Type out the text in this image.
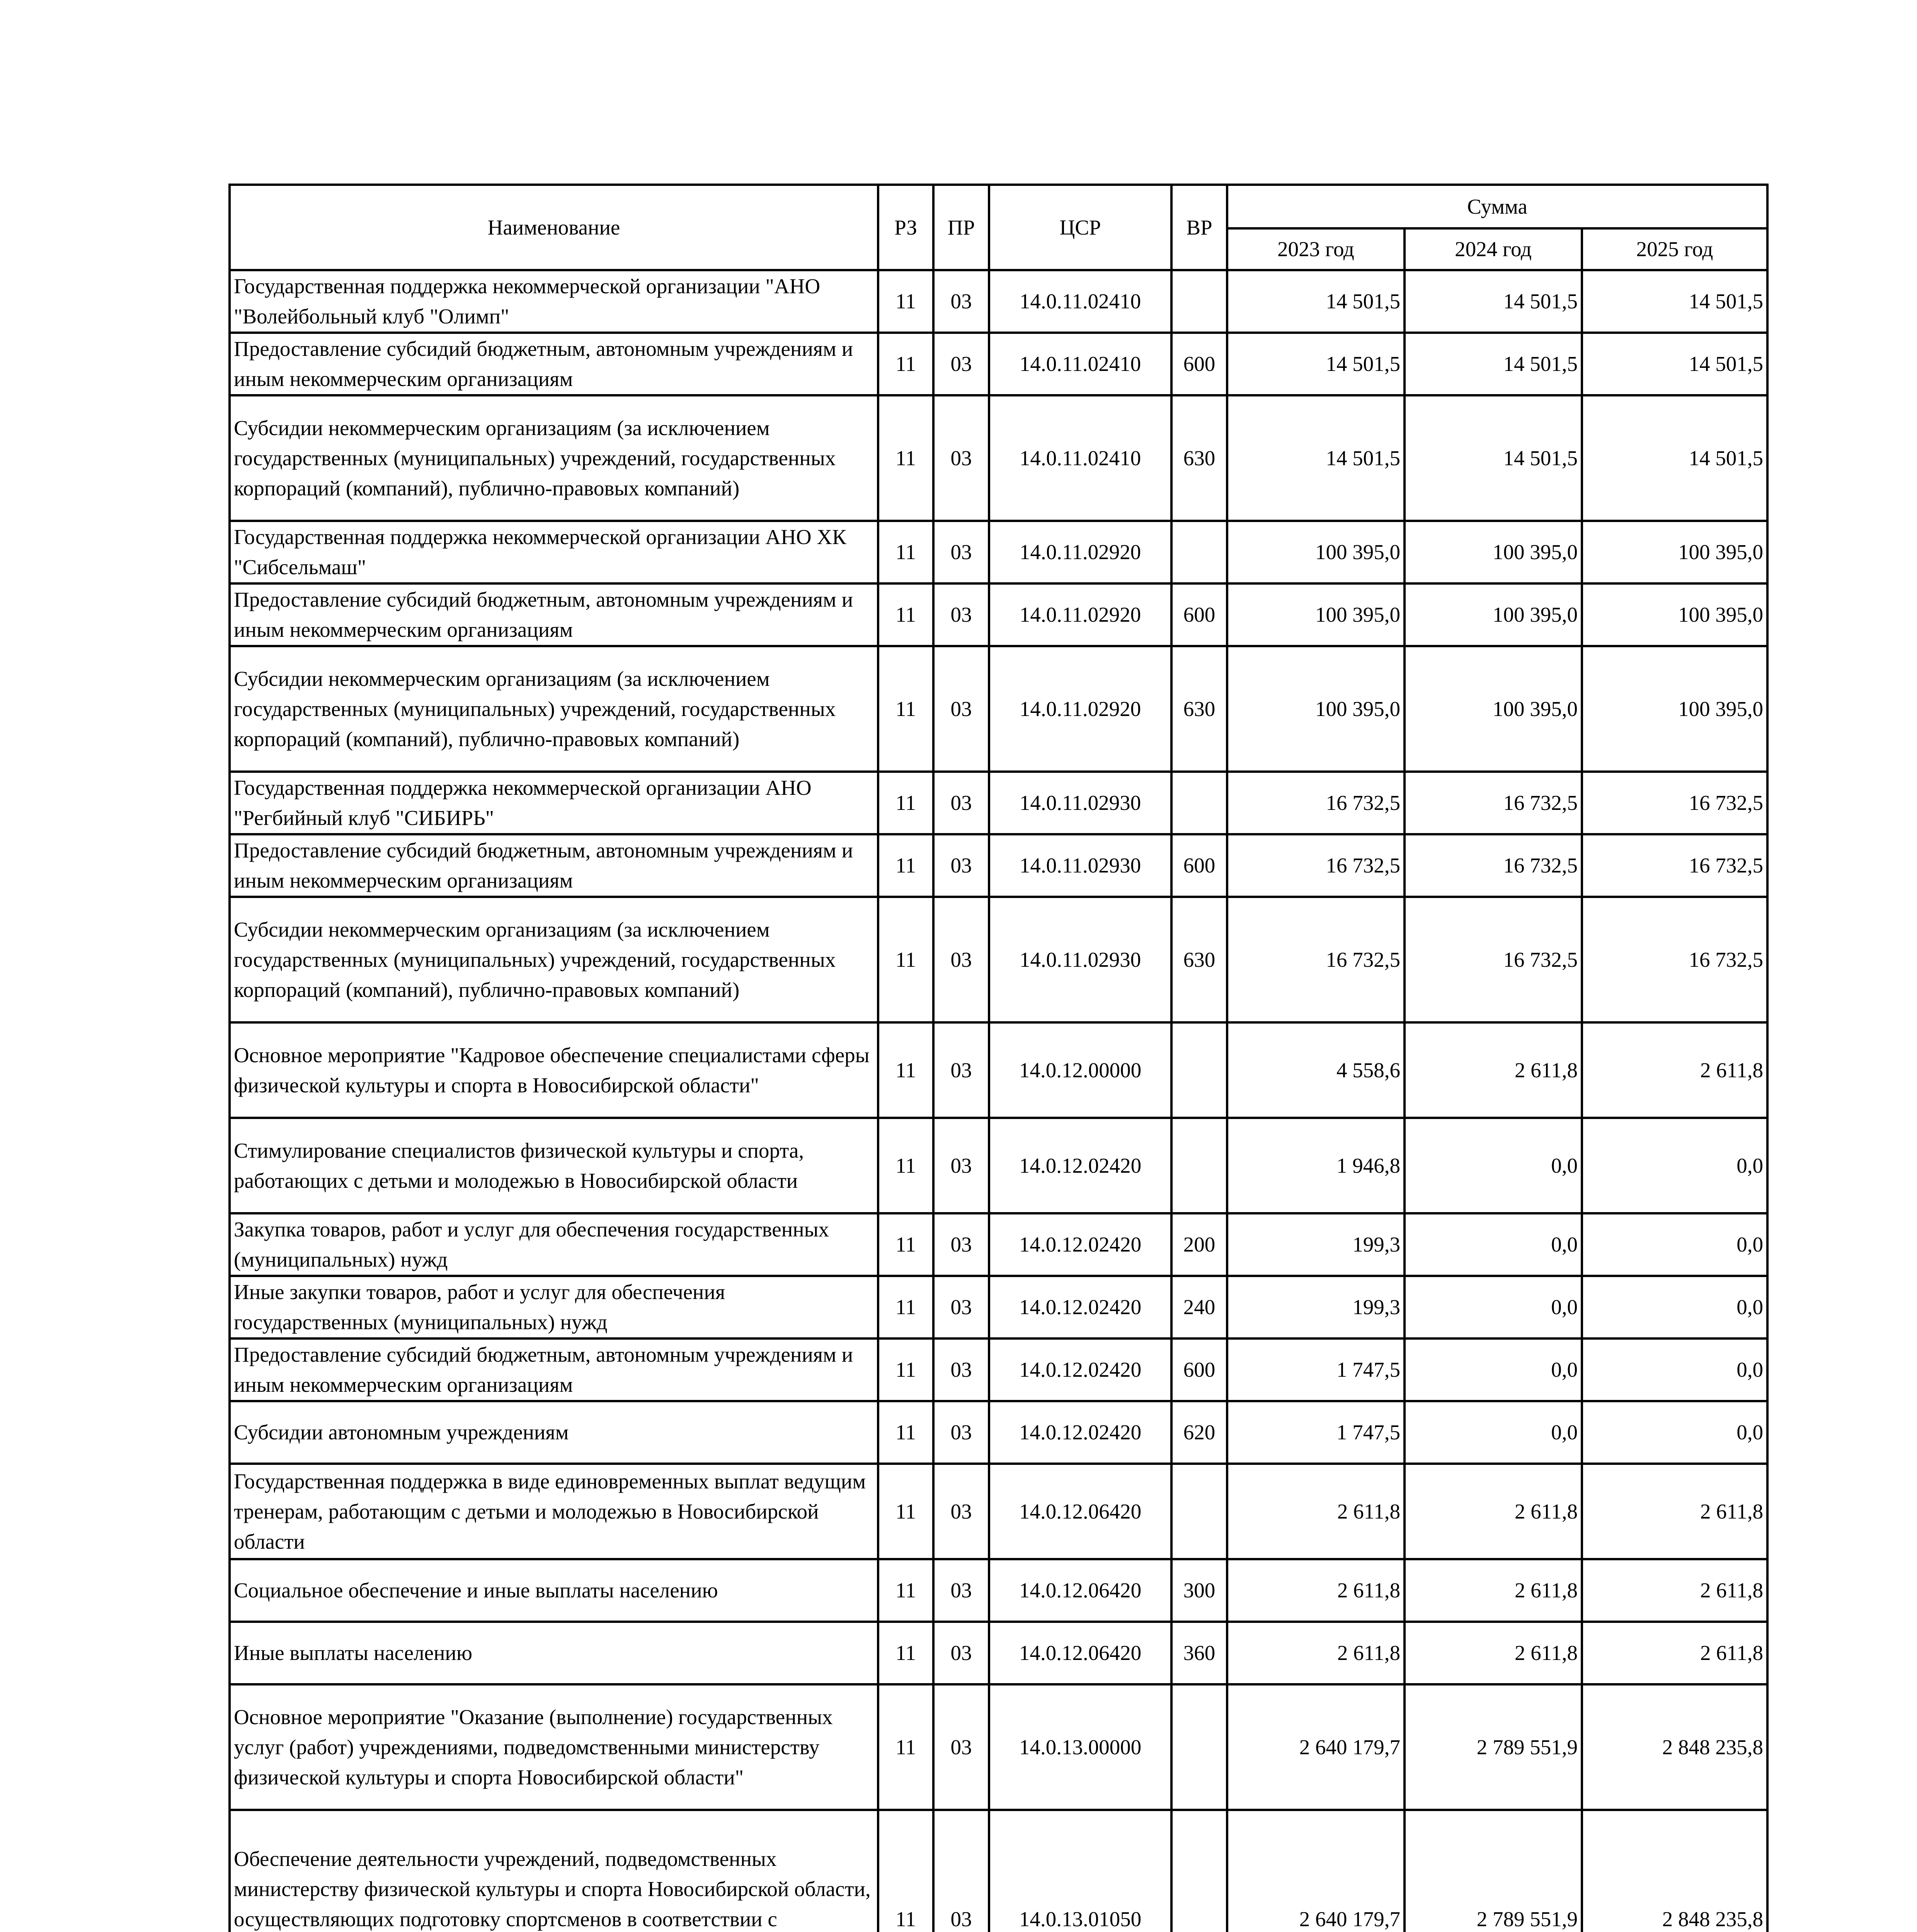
Наименование	РЗ	ПР	ЦСР	ВР	Сумма		
					2023 год	2024 год	2025 год
Государственная поддержка некоммерческой организации "АНО "Волейбольный клуб "Олимп"	11	03	14.0.11.02410		14 501,5	14 501,5	14 501,5
Предоставление субсидий бюджетным, автономным учреждениям и иным некоммерческим организациям	11	03	14.0.11.02410	600	14 501,5	14 501,5	14 501,5
Субсидии некоммерческим организациям (за исключением государственных (муниципальных) учреждений, государственных корпораций (компаний), публично-правовых компаний)	11	03	14.0.11.02410	630	14 501,5	14 501,5	14 501,5
Государственная поддержка некоммерческой организации АНО ХК "Сибсельмаш"	11	03	14.0.11.02920		100 395,0	100 395,0	100 395,0
Предоставление субсидий бюджетным, автономным учреждениям и иным некоммерческим организациям	11	03	14.0.11.02920	600	100 395,0	100 395,0	100 395,0
Субсидии некоммерческим организациям (за исключением государственных (муниципальных) учреждений, государственных корпораций (компаний), публично-правовых компаний)	11	03	14.0.11.02920	630	100 395,0	100 395,0	100 395,0
Государственная поддержка некоммерческой организации АНО "Регбийный клуб "СИБИРЬ"	11	03	14.0.11.02930		16 732,5	16 732,5	16 732,5
Предоставление субсидий бюджетным, автономным учреждениям и иным некоммерческим организациям	11	03	14.0.11.02930	600	16 732,5	16 732,5	16 732,5
Субсидии некоммерческим организациям (за исключением государственных (муниципальных) учреждений, государственных корпораций (компаний), публично-правовых компаний)	11	03	14.0.11.02930	630	16 732,5	16 732,5	16 732,5
Основное мероприятие "Кадровое обеспечение специалистами сферы физической культуры и спорта в Новосибирской области"	11	03	14.0.12.00000		4 558,6	2 611,8	2 611,8
Стимулирование специалистов физической культуры и спорта, работающих с детьми и молодежью в Новосибирской области	11	03	14.0.12.02420		1 946,8	0,0	0,0
Закупка товаров, работ и услуг для обеспечения государственных (муниципальных) нужд	11	03	14.0.12.02420	200	199,3	0,0	0,0
Иные закупки товаров, работ и услуг для обеспечения государственных (муниципальных) нужд	11	03	14.0.12.02420	240	199,3	0,0	0,0
Предоставление субсидий бюджетным, автономным учреждениям и иным некоммерческим организациям	11	03	14.0.12.02420	600	1 747,5	0,0	0,0
Субсидии автономным учреждениям	11	03	14.0.12.02420	620	1 747,5	0,0	0,0
Государственная поддержка в виде единовременных выплат ведущим тренерам, работающим с детьми и молодежью в Новосибирской области	11	03	14.0.12.06420		2 611,8	2 611,8	2 611,8
Социальное обеспечение и иные выплаты населению	11	03	14.0.12.06420	300	2 611,8	2 611,8	2 611,8
Иные выплаты населению	11	03	14.0.12.06420	360	2 611,8	2 611,8	2 611,8
Основное мероприятие "Оказание (выполнение) государственных услуг (работ) учреждениями, подведомственными министерству физической культуры и спорта Новосибирской области"	11	03	14.0.13.00000		2 640 179,7	2 789 551,9	2 848 235,8
Обеспечение деятельности учреждений, подведомственных министерству физической культуры и спорта Новосибирской области, осуществляющих подготовку спортсменов в соответствии с	11	03	14.0.13.01050		2 640 179,7	2 789 551,9	2 848 235,8
